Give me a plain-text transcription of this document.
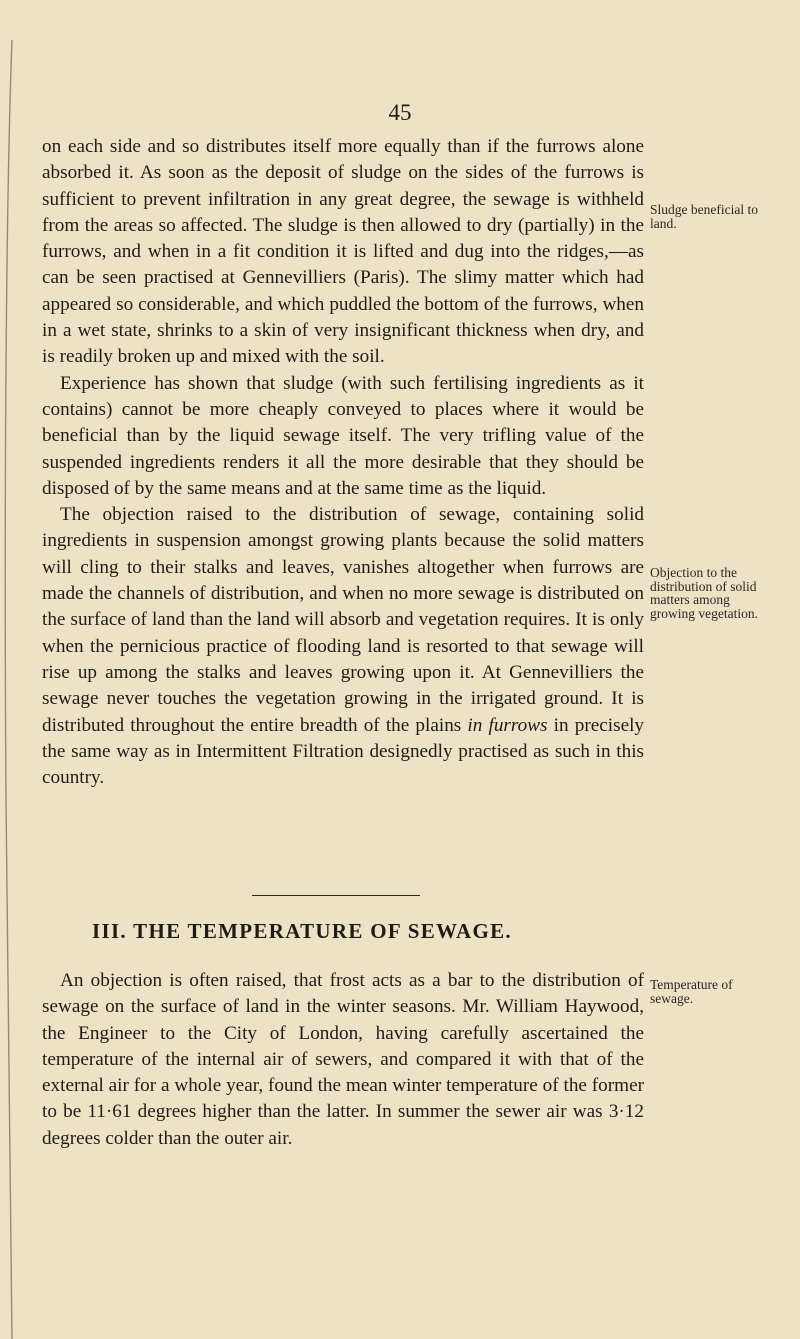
45

on each side and so distributes itself more equally than if the furrows alone absorbed it. As soon as the deposit of sludge on the sides of the furrows is sufficient to prevent infiltration in any great degree, the sewage is withheld from the areas so affected. The sludge is then allowed to dry (partially) in the furrows, and when in a fit condition it is lifted and dug into the ridges,—as can be seen practised at Gennevilliers (Paris). The slimy matter which had appeared so considerable, and which puddled the bottom of the furrows, when in a wet state, shrinks to a skin of very insignificant thickness when dry, and is readily broken up and mixed with the soil.

Experience has shown that sludge (with such fertilising ingredients as it contains) cannot be more cheaply conveyed to places where it would be beneficial than by the liquid sewage itself. The very trifling value of the suspended ingredients renders it all the more desirable that they should be disposed of by the same means and at the same time as the liquid.

The objection raised to the distribution of sewage, containing solid ingredients in suspension amongst growing plants because the solid matters will cling to their stalks and leaves, vanishes altogether when furrows are made the channels of distribution, and when no more sewage is distributed on the surface of land than the land will absorb and vegetation requires. It is only when the pernicious practice of flooding land is resorted to that sewage will rise up among the stalks and leaves growing upon it. At Gennevilliers the sewage never touches the vegetation growing in the irrigated ground. It is distributed throughout the entire breadth of the plains in furrows in precisely the same way as in Intermittent Filtration designedly practised as such in this country.

Sludge beneficial to land.
Objection to the distribution of solid matters among growing vegetation.
III. THE TEMPERATURE OF SEWAGE.

An objection is often raised, that frost acts as a bar to the distribution of sewage on the surface of land in the winter seasons. Mr. William Haywood, the Engineer to the City of London, having carefully ascertained the temperature of the internal air of sewers, and compared it with that of the external air for a whole year, found the mean winter temperature of the former to be 11·61 degrees higher than the latter. In summer the sewer air was 3·12 degrees colder than the outer air.

Temperature of sewage.
